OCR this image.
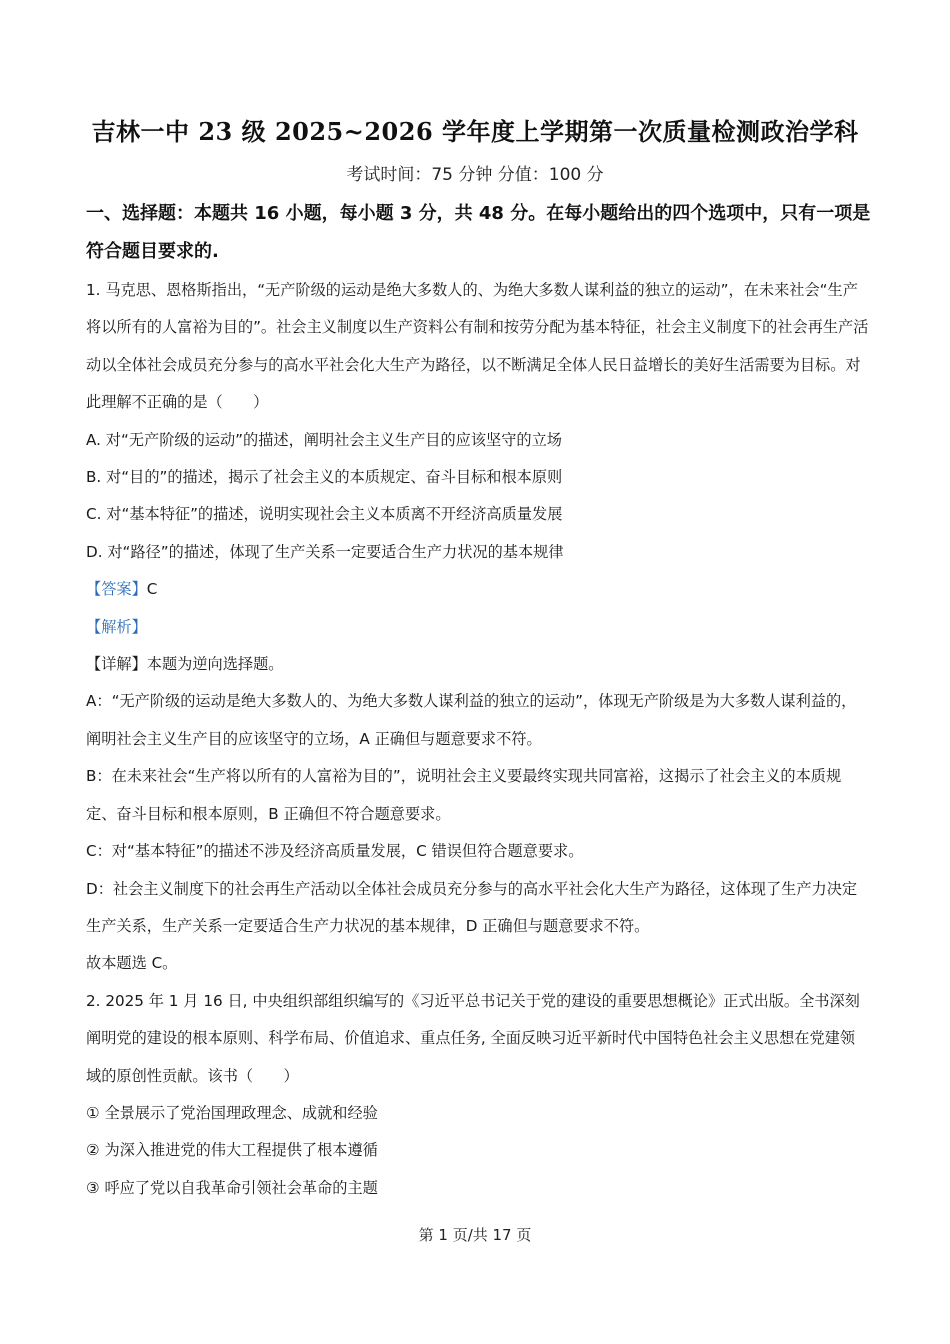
吉林一中 23 级 2025~2026 学年度上学期第一次质量检测政治学科
考试时间：75 分钟 分值：100 分
一、选择题：本题共 16 小题，每小题 3 分，共 48 分。在每小题给出的四个选项中，只有一项是符合题目要求的.

1. 马克思、恩格斯指出，“无产阶级的运动是绝大多数人的、为绝大多数人谋利益的独立的运动”，在未来社会“生产将以所有的人富裕为目的”。社会主义制度以生产资料公有制和按劳分配为基本特征，社会主义制度下的社会再生产活动以全体社会成员充分参与的高水平社会化大生产为路径，以不断满足全体人民日益增长的美好生活需要为目标。对此理解不正确的是（　　）

A. 对“无产阶级的运动”的描述，阐明社会主义生产目的应该坚守的立场

B. 对“目的”的描述，揭示了社会主义的本质规定、奋斗目标和根本原则

C. 对“基本特征”的描述，说明实现社会主义本质离不开经济高质量发展

D. 对“路径”的描述，体现了生产关系一定要适合生产力状况的基本规律

【答案】C

【解析】

【详解】本题为逆向选择题。

A：“无产阶级的运动是绝大多数人的、为绝大多数人谋利益的独立的运动”，体现无产阶级是为大多数人谋利益的，阐明社会主义生产目的应该坚守的立场，A 正确但与题意要求不符。

B：在未来社会“生产将以所有的人富裕为目的”，说明社会主义要最终实现共同富裕，这揭示了社会主义的本质规定、奋斗目标和根本原则，B 正确但不符合题意要求。

C：对“基本特征”的描述不涉及经济高质量发展，C 错误但符合题意要求。

D：社会主义制度下的社会再生产活动以全体社会成员充分参与的高水平社会化大生产为路径，这体现了生产力决定生产关系，生产关系一定要适合生产力状况的基本规律，D 正确但与题意要求不符。

故本题选 C。

2. 2025 年 1 月 16 日, 中央组织部组织编写的《习近平总书记关于党的建设的重要思想概论》正式出版。全书深刻阐明党的建设的根本原则、科学布局、价值追求、重点任务, 全面反映习近平新时代中国特色社会主义思想在党建领域的原创性贡献。该书（　　）

① 全景展示了党治国理政理念、成就和经验

② 为深入推进党的伟大工程提供了根本遵循

③ 呼应了党以自我革命引领社会革命的主题

第 1 页/共 17 页
